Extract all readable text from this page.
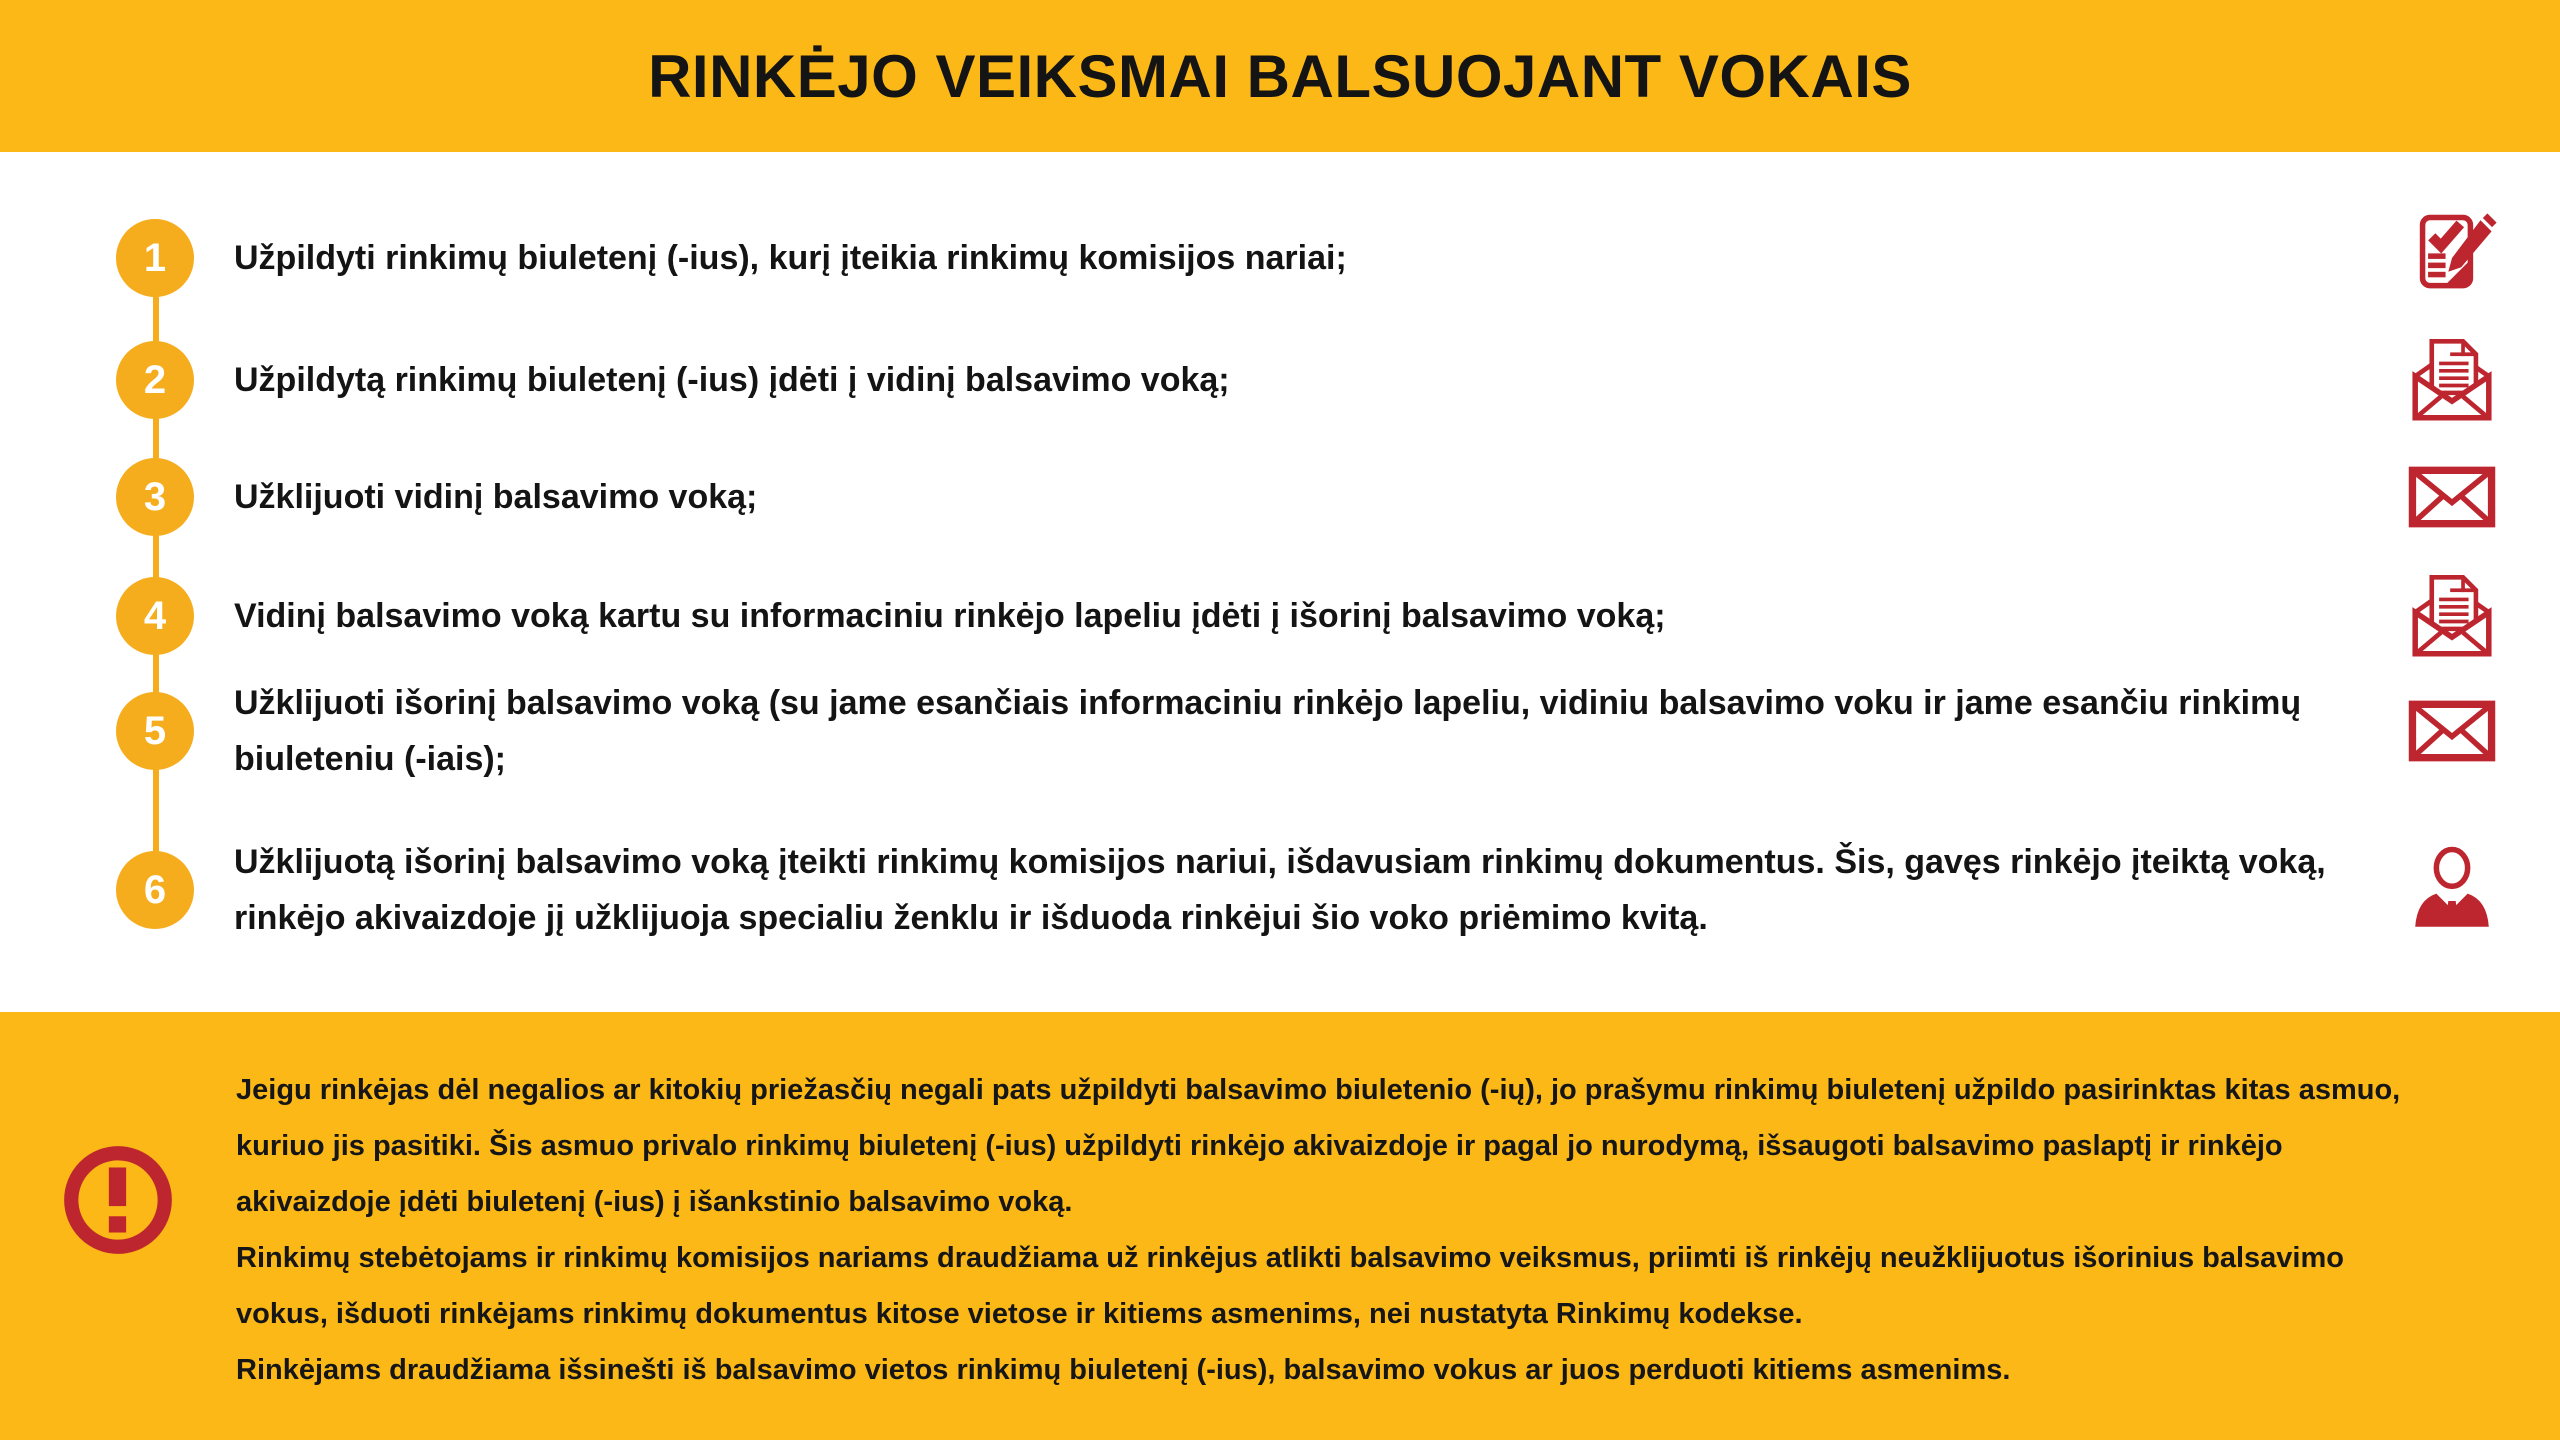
RINKĖJO VEIKSMAI BALSUOJANT VOKAIS
1	Užpildyti rinkimų biuletenį (-ius), kurį įteikia rinkimų komisijos nariai;
2	Užpildytą rinkimų biuletenį (-ius) įdėti į vidinį balsavimo voką;
3	Užklijuoti vidinį balsavimo voką;
4	Vidinį balsavimo voką kartu su informaciniu rinkėjo lapeliu įdėti į išorinį balsavimo voką;
5
Užklijuoti išorinį balsavimo voką (su jame esančiais informaciniu rinkėjo lapeliu, vidiniu balsavimo voku ir jame esančiu rinkimų biuleteniu (-iais);
6
Užklijuotą išorinį balsavimo voką įteikti rinkimų komisijos nariui, išdavusiam rinkimų dokumentus. Šis, gavęs rinkėjo įteiktą voką, rinkėjo akivaizdoje jį užklijuoja specialiu ženklu ir išduoda rinkėjui šio voko priėmimo kvitą.

Jeigu rinkėjas dėl negalios ar kitokių priežasčių negali pats užpildyti balsavimo biuletenio (-ių), jo prašymu rinkimų biuletenį užpildo pasirinktas kitas asmuo, kuriuo jis pasitiki. Šis asmuo privalo rinkimų biuletenį (-ius) užpildyti rinkėjo akivaizdoje ir pagal jo nurodymą, išsaugoti balsavimo paslaptį ir rinkėjo akivaizdoje įdėti biuletenį (-ius) į išankstinio balsavimo voką.

Rinkimų stebėtojams ir rinkimų komisijos nariams draudžiama už rinkėjus atlikti balsavimo veiksmus, priimti iš rinkėjų neužklijuotus išorinius balsavimo vokus, išduoti rinkėjams rinkimų dokumentus kitose vietose ir kitiems asmenims, nei nustatyta Rinkimų kodekse.

Rinkėjams draudžiama išsinešti iš balsavimo vietos rinkimų biuletenį (-ius), balsavimo vokus ar juos perduoti kitiems asmenims.
